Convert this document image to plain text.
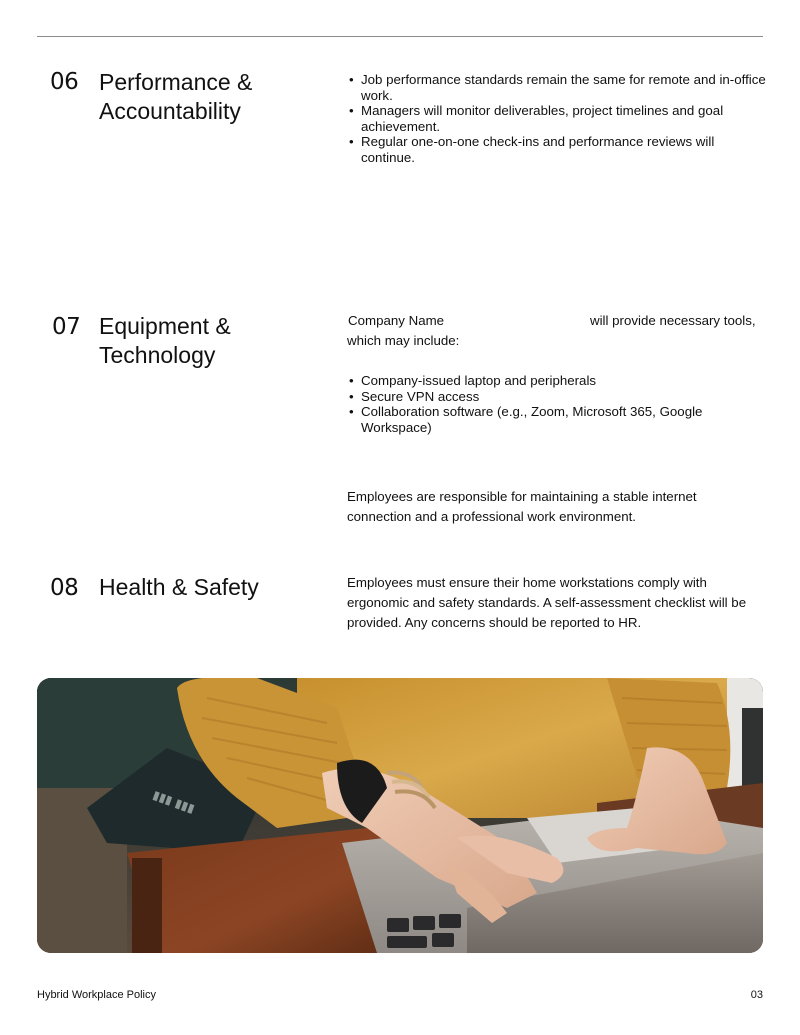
06 Performance & Accountability
• Job performance standards remain the same for remote and in-office work.
• Managers will monitor deliverables, project timelines and goal achievement.
• Regular one-on-one check-ins and performance reviews will continue.
07 Equipment & Technology
Company Name	will provide necessary tools,
which may include:
• Company-issued laptop and peripherals
• Secure VPN access
• Collaboration software (e.g., Zoom, Microsoft 365, Google Workspace)

Employees are responsible for maintaining a stable internet connection and a professional work environment.

08 Health & Safety	Employees must ensure their home workstations comply with ergonomic and safety standards. A self-assessment checklist will be provided. Any concerns should be reported to HR.

▮▮▮ ▮▮▮
Hybrid Workplace Policy	03
